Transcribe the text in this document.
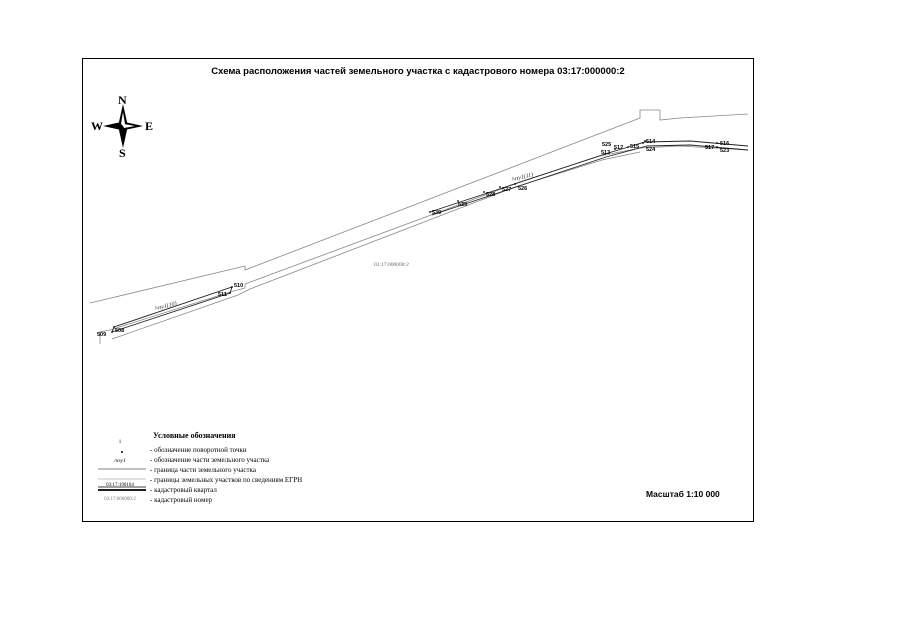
Схема расположения частей земельного участка с кадастрового номера 03:17:000000:2
N
S
W	E
509
508
511
510
530
529
528
527 526
525 512
513
515
514
524
516
517 523
/чзу1(10)
/чзу1(11)
03:17:000000:2
Условные обозначения
1
/чзу1
03:17:190104
03:17:000000:2
- обозначение поворотной точки
- обозначение части земельного участка
- граница части земельного участка
- границы земельных участков по сведениям ЕГРН
- кадастровый квартал
- кадастровый номер
Масштаб 1:10 000
